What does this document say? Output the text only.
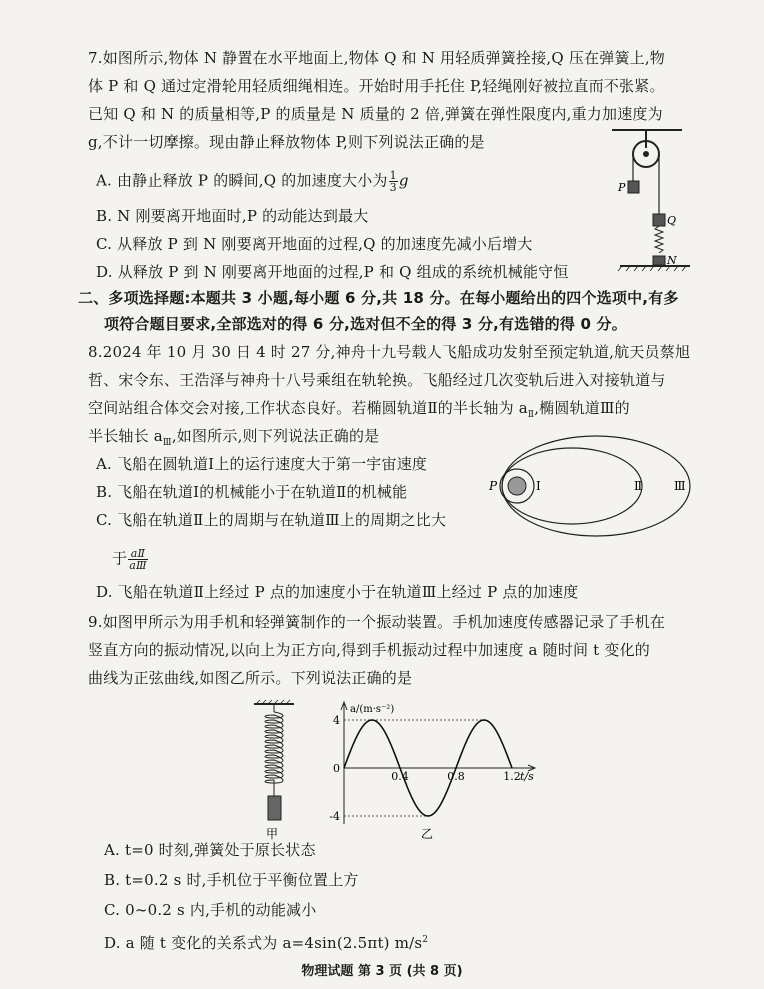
7.如图所示,物体 N 静置在水平地面上,物体 Q 和 N 用轻质弹簧拴接,Q 压在弹簧上,物
体 P 和 Q 通过定滑轮用轻质细绳相连。开始时用手托住 P,轻绳刚好被拉直而不张紧。
已知 Q 和 N 的质量相等,P 的质量是 N 质量的 2 倍,弹簧在弹性限度内,重力加速度为
g,不计一切摩擦。现由静止释放物体 P,则下列说法正确的是
A. 由静止释放 P 的瞬间,Q 的加速度大小为 $\frac{1}{3}$ g
B. N 刚要离开地面时,P 的动能达到最大
C. 从释放 P 到 N 刚要离开地面的过程,Q 的加速度先减小后增大
D. 从释放 P 到 N 刚要离开地面的过程,P 和 Q 组成的系统机械能守恒
P
Q
N
二、多项选择题:本题共 3 小题,每小题 6 分,共 18 分。在每小题给出的四个选项中,有多
项符合题目要求,全部选对的得 6 分,选对但不全的得 3 分,有选错的得 0 分。
8.2024 年 10 月 30 日 4 时 27 分,神舟十九号载人飞船成功发射至预定轨道,航天员蔡旭
哲、宋令东、王浩泽与神舟十八号乘组在轨轮换。飞船经过几次变轨后进入对接轨道与
空间站组合体交会对接,工作状态良好。若椭圆轨道Ⅱ的半长轴为 $a_Ⅱ$,椭圆轨道Ⅲ的
半长轴长 $a_Ⅲ$,如图所示,则下列说法正确的是
A. 飞船在圆轨道Ⅰ上的运行速度大于第一宇宙速度
B. 飞船在轨道Ⅰ的机械能小于在轨道Ⅱ的机械能
C. 飞船在轨道Ⅱ上的周期与在轨道Ⅲ上的周期之比大
于 $\frac{\text{aⅡ}}{\text{aⅢ}}$
D. 飞船在轨道Ⅱ上经过 P 点的加速度小于在轨道Ⅲ上经过 P 点的加速度
P	Ⅰ	Ⅱ	Ⅲ
9.如图甲所示为用手机和轻弹簧制作的一个振动装置。手机加速度传感器记录了手机在
竖直方向的振动情况,以向上为正方向,得到手机振动过程中加速度 a 随时间 t 变化的
曲线为正弦曲线,如图乙所示。下列说法正确的是
甲
a/(m·s⁻²)
t/s
4
0
-4
0.4	0.8	1.2
乙
A. t=0 时刻,弹簧处于原长状态
B. t=0.2 s 时,手机位于平衡位置上方
C. 0~0.2 s 内,手机的动能减小
D. a 随 t 变化的关系式为 a=4sin(2.5πt) $m/s^2$
物理试题 第 3 页 (共 8 页)
